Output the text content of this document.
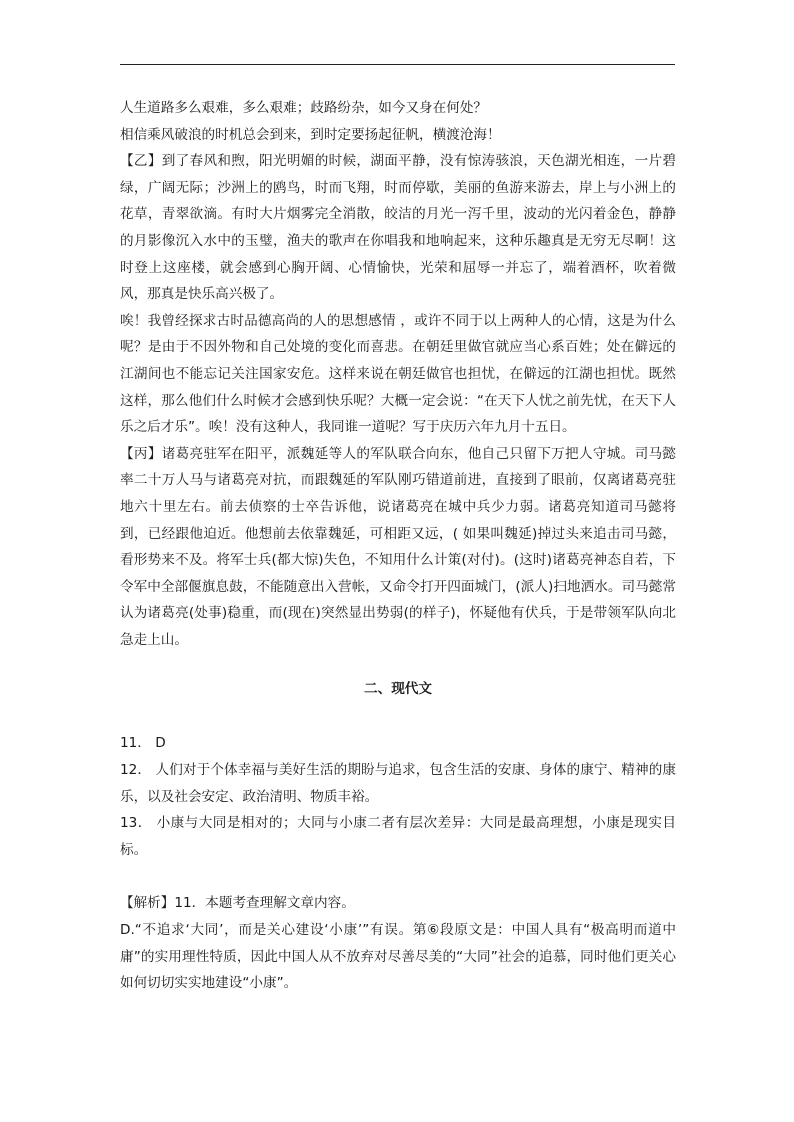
人生道路多么艰难，多么艰难；歧路纷杂，如今又身在何处？

相信乘风破浪的时机总会到来，到时定要扬起征帆，横渡沧海！

【乙】到了春风和煦，阳光明媚的时候，湖面平静，没有惊涛骇浪，天色湖光相连，一片碧绿，广阔无际；沙洲上的鸥鸟，时而飞翔，时而停歇，美丽的鱼游来游去，岸上与小洲上的花草，青翠欲滴。有时大片烟雾完全消散，皎洁的月光一泻千里，波动的光闪着金色，静静的月影像沉入水中的玉璧，渔夫的歌声在你唱我和地响起来，这种乐趣真是无穷无尽啊！这时登上这座楼，就会感到心胸开阔、心情愉快，光荣和屈辱一并忘了，端着酒杯，吹着微风，那真是快乐高兴极了。

唉！我曾经探求古时品德高尚的人的思想感情 ，或许不同于以上两种人的心情，这是为什么呢？是由于不因外物和自己处境的变化而喜悲。在朝廷里做官就应当心系百姓；处在僻远的江湖间也不能忘记关注国家安危。这样来说在朝廷做官也担忧，在僻远的江湖也担忧。既然这样，那么他们什么时候才会感到快乐呢？大概一定会说：“在天下人忧之前先忧，在天下人乐之后才乐”。唉！没有这种人，我同谁一道呢？写于庆历六年九月十五日。

【丙】诸葛亮驻军在阳平，派魏延等人的军队联合向东，他自己只留下万把人守城。司马懿率二十万人马与诸葛亮对抗，而跟魏延的军队刚巧错道前进，直接到了眼前，仅离诸葛亮驻地六十里左右。前去侦察的士卒告诉他，说诸葛亮在城中兵少力弱。诸葛亮知道司马懿将到，已经跟他迫近。他想前去依靠魏延，可相距又远，( 如果叫魏延)掉过头来追击司马懿，看形势来不及。将军士兵(都大惊)失色，不知用什么计策(对付)。(这时)诸葛亮神态自若，下令军中全部偃旗息鼓，不能随意出入营帐，又命令打开四面城门，(派人)扫地洒水。司马懿常认为诸葛亮(处事)稳重，而(现在)突然显出势弱(的样子)，怀疑他有伏兵，于是带领军队向北急走上山。

二、现代文

11． D

12． 人们对于个体幸福与美好生活的期盼与追求，包含生活的安康、身体的康宁、精神的康乐，以及社会安定、政治清明、物质丰裕。

13． 小康与大同是相对的；大同与小康二者有层次差异：大同是最高理想，小康是现实目标。

【解析】11．本题考查理解文章内容。

D.“不追求‘大同’，而是关心建设‘小康’”有误。第⑥段原文是：中国人具有“极高明而道中庸”的实用理性特质，因此中国人从不放弃对尽善尽美的“大同”社会的追慕，同时他们更关心如何切切实实地建设“小康”。
